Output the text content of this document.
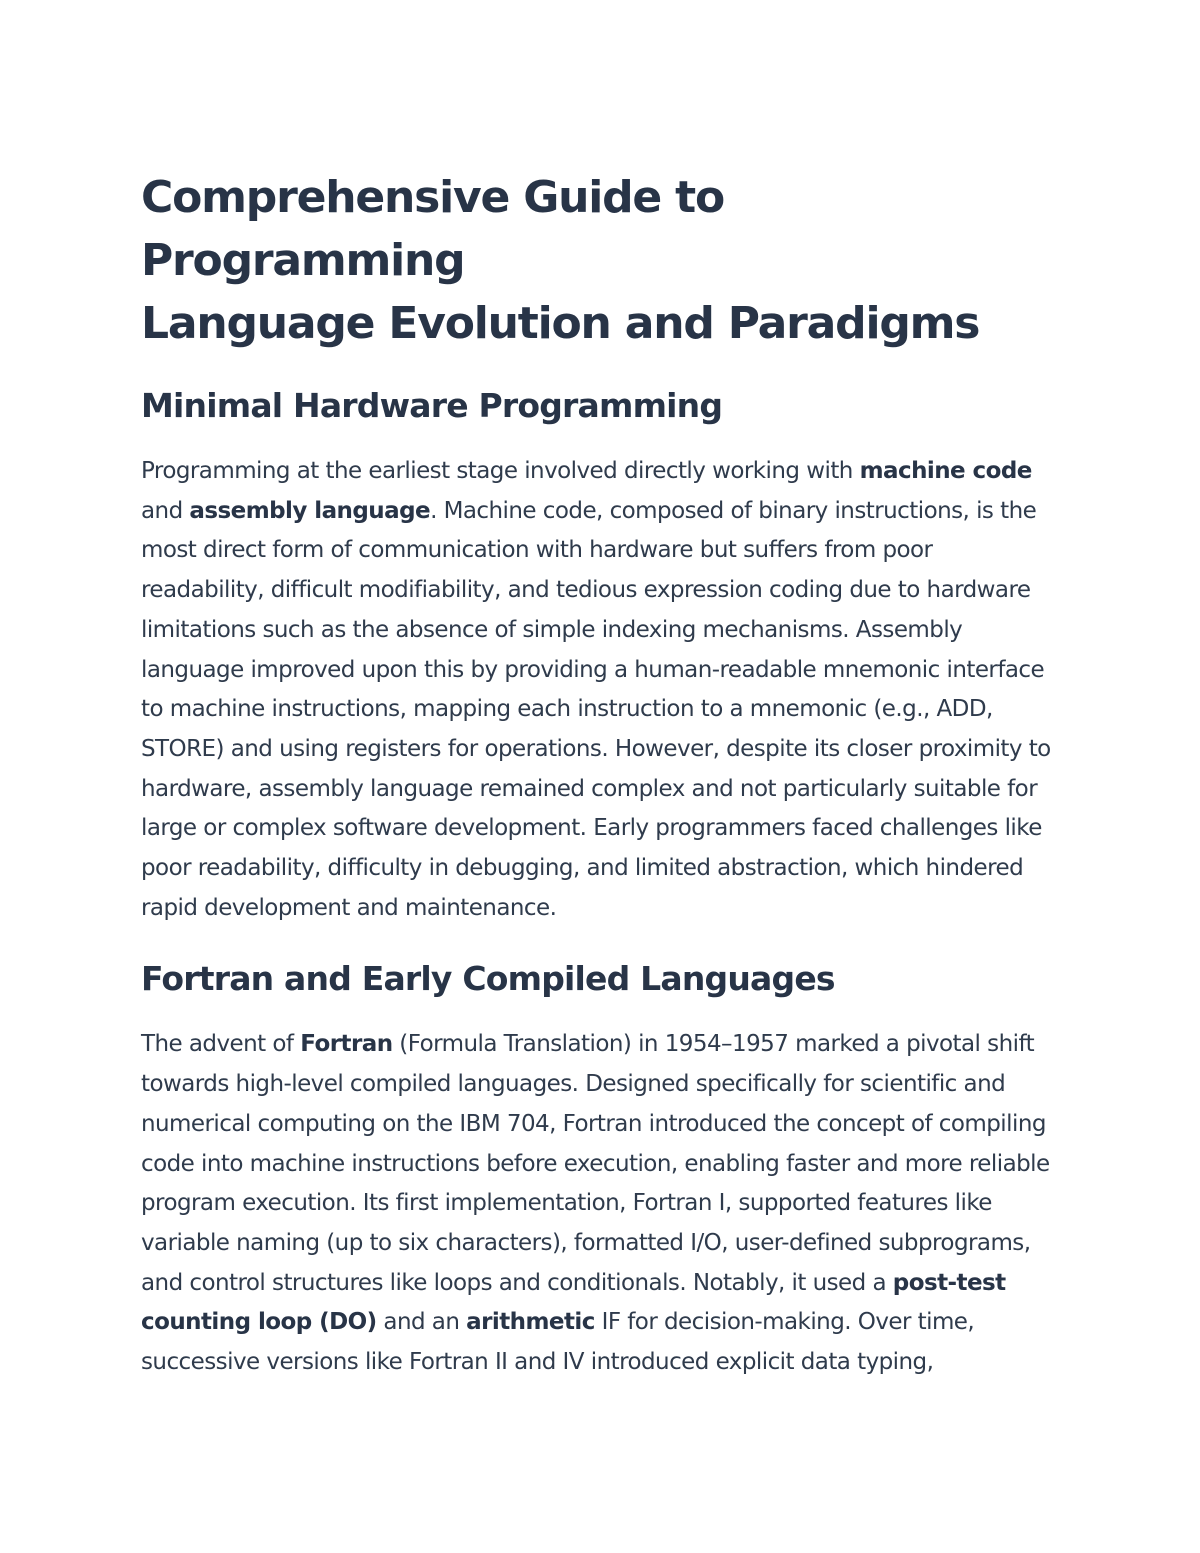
Comprehensive Guide to Programming
Language Evolution and Paradigms
Minimal Hardware Programming

Programming at the earliest stage involved directly working with machine code and assembly language. Machine code, composed of binary instructions, is the most direct form of communication with hardware but suffers from poor readability, difficult modifiability, and tedious expression coding due to hardware limitations such as the absence of simple indexing mechanisms. Assembly language improved upon this by providing a human-readable mnemonic interface to machine instructions, mapping each instruction to a mnemonic (e.g., ADD, STORE) and using registers for operations. However, despite its closer proximity to hardware, assembly language remained complex and not particularly suitable for large or complex software development. Early programmers faced challenges like poor readability, difficulty in debugging, and limited abstraction, which hindered rapid development and maintenance.

Fortran and Early Compiled Languages

The advent of Fortran (Formula Translation) in 1954–1957 marked a pivotal shift towards high-level compiled languages. Designed specifically for scientific and numerical computing on the IBM 704, Fortran introduced the concept of compiling code into machine instructions before execution, enabling faster and more reliable program execution. Its first implementation, Fortran I, supported features like variable naming (up to six characters), formatted I/O, user-defined subprograms, and control structures like loops and conditionals. Notably, it used a post-test counting loop (DO) and an arithmetic IF for decision-making. Over time, successive versions like Fortran II and IV introduced explicit data typing,
